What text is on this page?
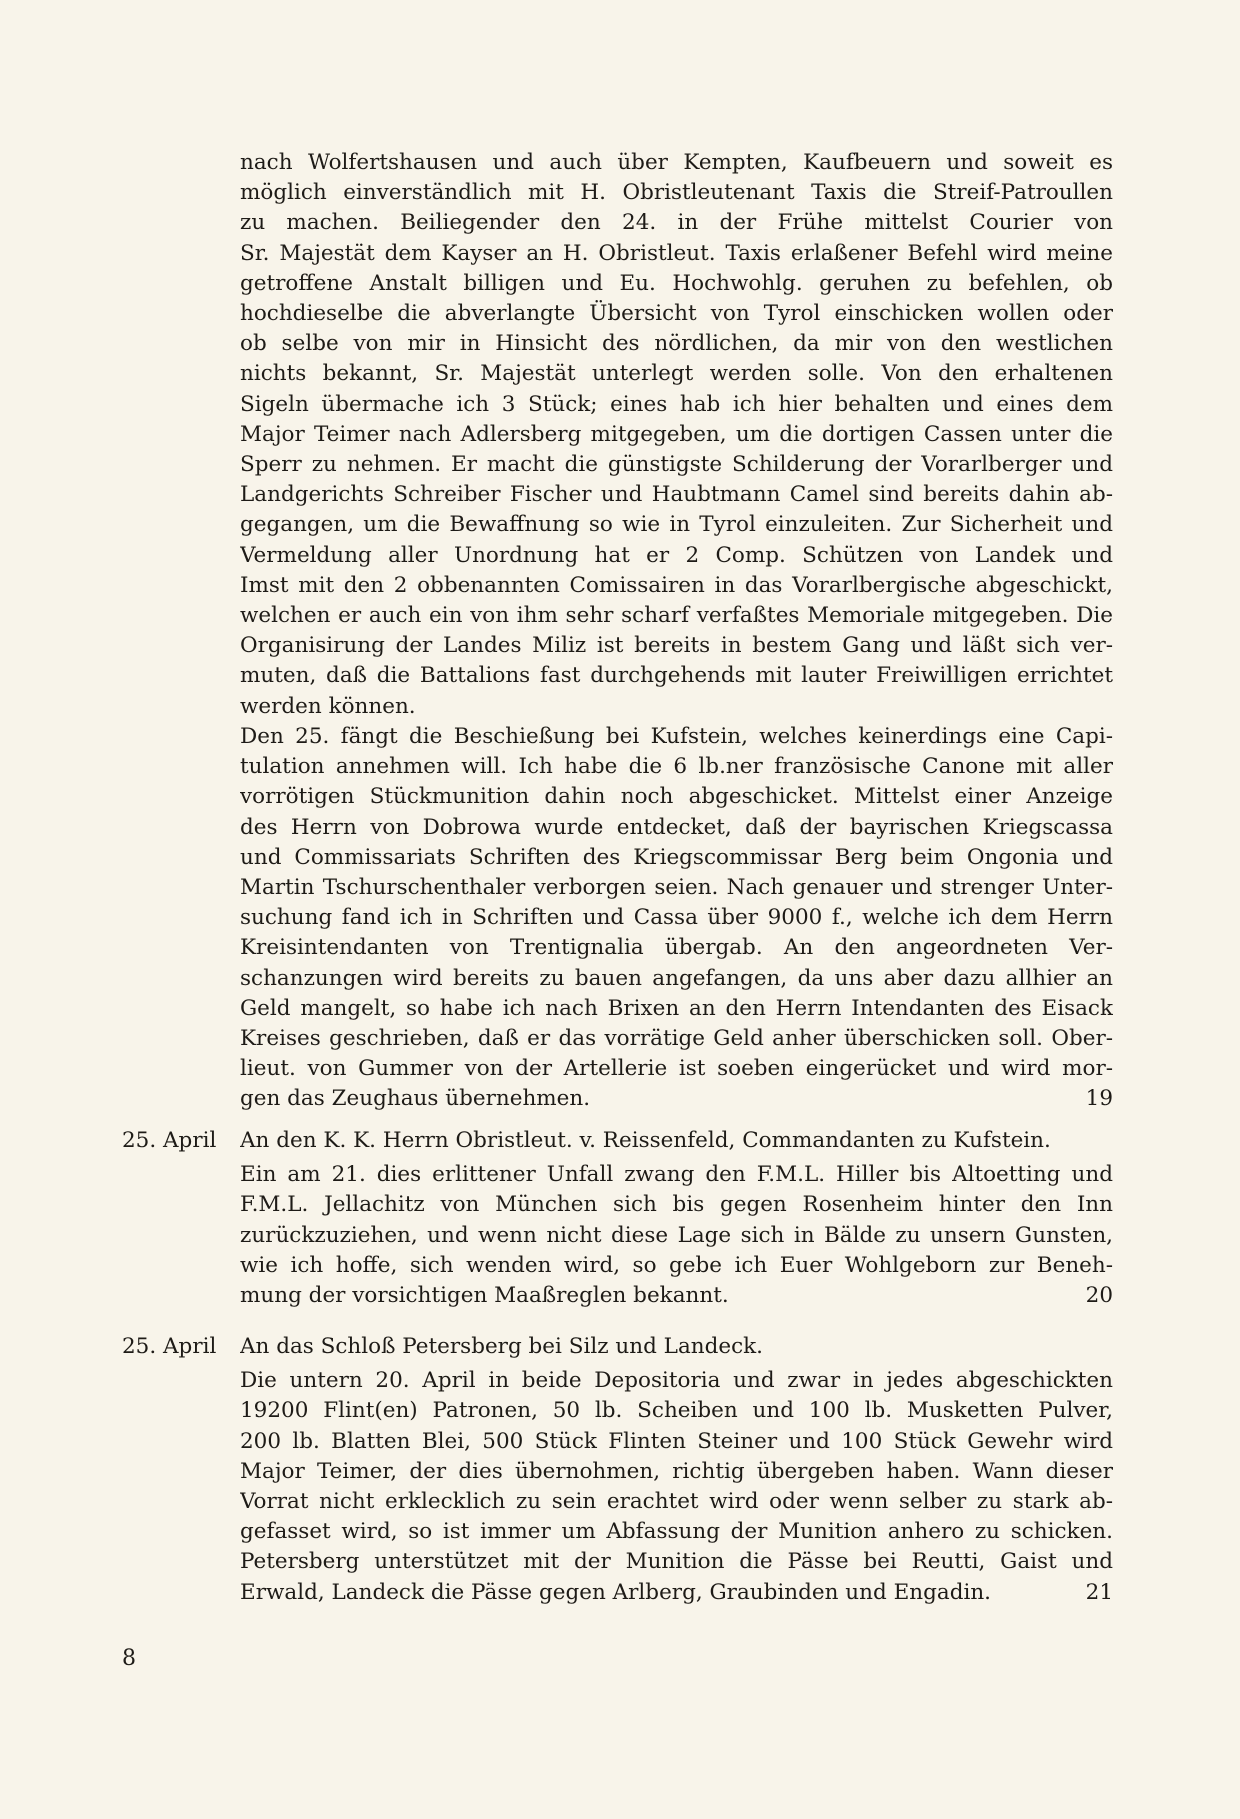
nach Wolfertshausen und auch über Kempten, Kaufbeuern und soweit es
möglich einverständlich mit H. Obristleutenant Taxis die Streif-Patroullen
zu machen. Beiliegender den 24. in der Frühe mittelst Courier von
Sr. Majestät dem Kayser an H. Obristleut. Taxis erlaßener Befehl wird meine
getroffene Anstalt billigen und Eu. Hochwohlg. geruhen zu befehlen, ob
hochdieselbe die abverlangte Übersicht von Tyrol einschicken wollen oder
ob selbe von mir in Hinsicht des nördlichen, da mir von den westlichen
nichts bekannt, Sr. Majestät unterlegt werden solle. Von den erhaltenen
Sigeln übermache ich 3 Stück; eines hab ich hier behalten und eines dem
Major Teimer nach Adlersberg mitgegeben, um die dortigen Cassen unter die
Sperr zu nehmen. Er macht die günstigste Schilderung der Vorarlberger und
Landgerichts Schreiber Fischer und Haubtmann Camel sind bereits dahin ab-
gegangen, um die Bewaffnung so wie in Tyrol einzuleiten. Zur Sicherheit und
Vermeldung aller Unordnung hat er 2 Comp. Schützen von Landek und
Imst mit den 2 obbenannten Comissairen in das Vorarlbergische abgeschickt,
welchen er auch ein von ihm sehr scharf verfaßtes Memoriale mitgegeben. Die
Organisirung der Landes Miliz ist bereits in bestem Gang und läßt sich ver-
muten, daß die Battalions fast durchgehends mit lauter Freiwilligen errichtet
werden können.
Den 25. fängt die Beschießung bei Kufstein, welches keinerdings eine Capi-
tulation annehmen will. Ich habe die 6 lb.ner französische Canone mit aller
vorrötigen Stückmunition dahin noch abgeschicket. Mittelst einer Anzeige
des Herrn von Dobrowa wurde entdecket, daß der bayrischen Kriegscassa
und Commissariats Schriften des Kriegscommissar Berg beim Ongonia und
Martin Tschurschenthaler verborgen seien. Nach genauer und strenger Unter-
suchung fand ich in Schriften und Cassa über 9000 f., welche ich dem Herrn
Kreisintendanten von Trentignalia übergab. An den angeordneten Ver-
schanzungen wird bereits zu bauen angefangen, da uns aber dazu allhier an
Geld mangelt, so habe ich nach Brixen an den Herrn Intendanten des Eisack
Kreises geschrieben, daß er das vorrätige Geld anher überschicken soll. Ober-
lieut. von Gummer von der Artellerie ist soeben eingerücket und wird mor-
gen das Zeughaus übernehmen.	19
25. April	An den K. K. Herrn Obristleut. v. Reissenfeld, Commandanten zu Kufstein.
Ein am 21. dies erlittener Unfall zwang den F.M.L. Hiller bis Altoetting und
F.M.L. Jellachitz von München sich bis gegen Rosenheim hinter den Inn
zurückzuziehen, und wenn nicht diese Lage sich in Bälde zu unsern Gunsten,
wie ich hoffe, sich wenden wird, so gebe ich Euer Wohlgeborn zur Beneh-
mung der vorsichtigen Maaßreglen bekannt.	20
25. April	An das Schloß Petersberg bei Silz und Landeck.
Die untern 20. April in beide Depositoria und zwar in jedes abgeschickten
19200 Flint(en) Patronen, 50 lb. Scheiben und 100 lb. Musketten Pulver,
200 lb. Blatten Blei, 500 Stück Flinten Steiner und 100 Stück Gewehr wird
Major Teimer, der dies übernohmen, richtig übergeben haben. Wann dieser
Vorrat nicht erklecklich zu sein erachtet wird oder wenn selber zu stark ab-
gefasset wird, so ist immer um Abfassung der Munition anhero zu schicken.
Petersberg unterstützet mit der Munition die Pässe bei Reutti, Gaist und
Erwald, Landeck die Pässe gegen Arlberg, Graubinden und Engadin.	21
8
